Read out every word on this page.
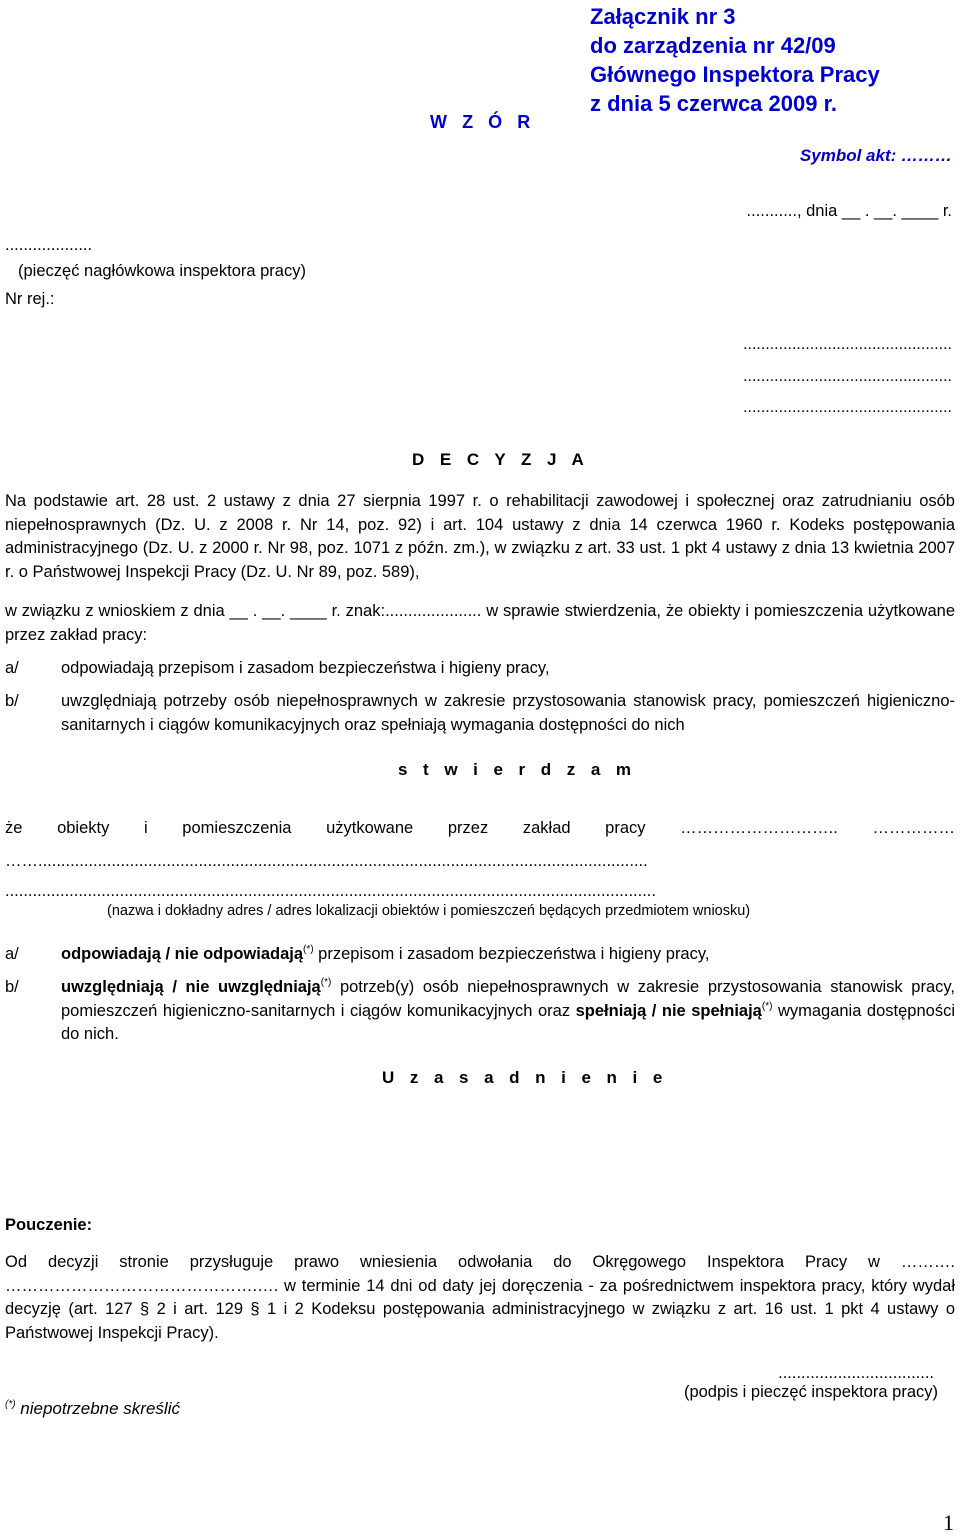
Załącznik nr 3
do zarządzenia nr 42/09
Głównego Inspektora Pracy
z dnia 5 czerwca 2009 r.
W Z Ó R
Symbol akt: ………
..........., dnia __ . __. ____ r.
...................
(pieczęć nagłówkowa inspektora pracy)
Nr rej.:
...............................................
...............................................
...............................................
D E C Y Z J A
Na podstawie art. 28 ust. 2 ustawy z dnia 27 sierpnia 1997 r. o rehabilitacji zawodowej i społecznej oraz zatrudnianiu osób niepełnosprawnych (Dz. U. z 2008 r. Nr 14, poz. 92) i art. 104 ustawy z dnia 14 czerwca 1960 r. Kodeks postępowania administracyjnego (Dz. U. z 2000 r. Nr 98, poz. 1071 z późn. zm.), w związku z art. 33 ust. 1 pkt 4 ustawy z dnia 13 kwietnia 2007 r. o Państwowej Inspekcji Pracy (Dz. U. Nr 89, poz. 589),
w związku z wnioskiem z dnia __ . __. ____ r. znak:..................... w sprawie stwierdzenia, że obiekty i pomieszczenia użytkowane przez zakład pracy:
a/	odpowiadają przepisom i zasadom bezpieczeństwa i higieny pracy,
b/	uwzględniają potrzeby osób niepełnosprawnych w zakresie przystosowania stanowisk pracy, pomieszczeń higieniczno-sanitarnych i ciągów komunikacyjnych oraz spełniają wymagania dostępności do nich
s t w i e r d z a m
że obiekty i pomieszczenia użytkowane przez zakład pracy ……………………….. ……………
…….....................................................................................................................................
..............................................................................................................................................
(nazwa i dokładny adres / adres lokalizacji obiektów i pomieszczeń będących przedmiotem wniosku)
a/	odpowiadają / nie odpowiadają(*) przepisom i zasadom bezpieczeństwa i higieny pracy,
b/	uwzględniają / nie uwzględniają(*) potrzeb(y) osób niepełnosprawnych w zakresie przystosowania stanowisk pracy, pomieszczeń higieniczno-sanitarnych i ciągów komunikacyjnych oraz spełniają / nie spełniają(*) wymagania dostępności do nich.
U z a s a d n i e n i e
Pouczenie:
Od decyzji stronie przysługuje prawo wniesienia odwołania do Okręgowego Inspektora Pracy w ………. ……………………………………….…. w terminie 14 dni od daty jej doręczenia - za pośrednictwem inspektora pracy, który wydał decyzję (art. 127 § 2 i art. 129 § 1 i 2 Kodeksu postępowania administracyjnego w związku z art. 16 ust. 1 pkt 4 ustawy o Państwowej Inspekcji Pracy).
..................................
(podpis i pieczęć inspektora pracy)
(*) niepotrzebne skreślić
1
